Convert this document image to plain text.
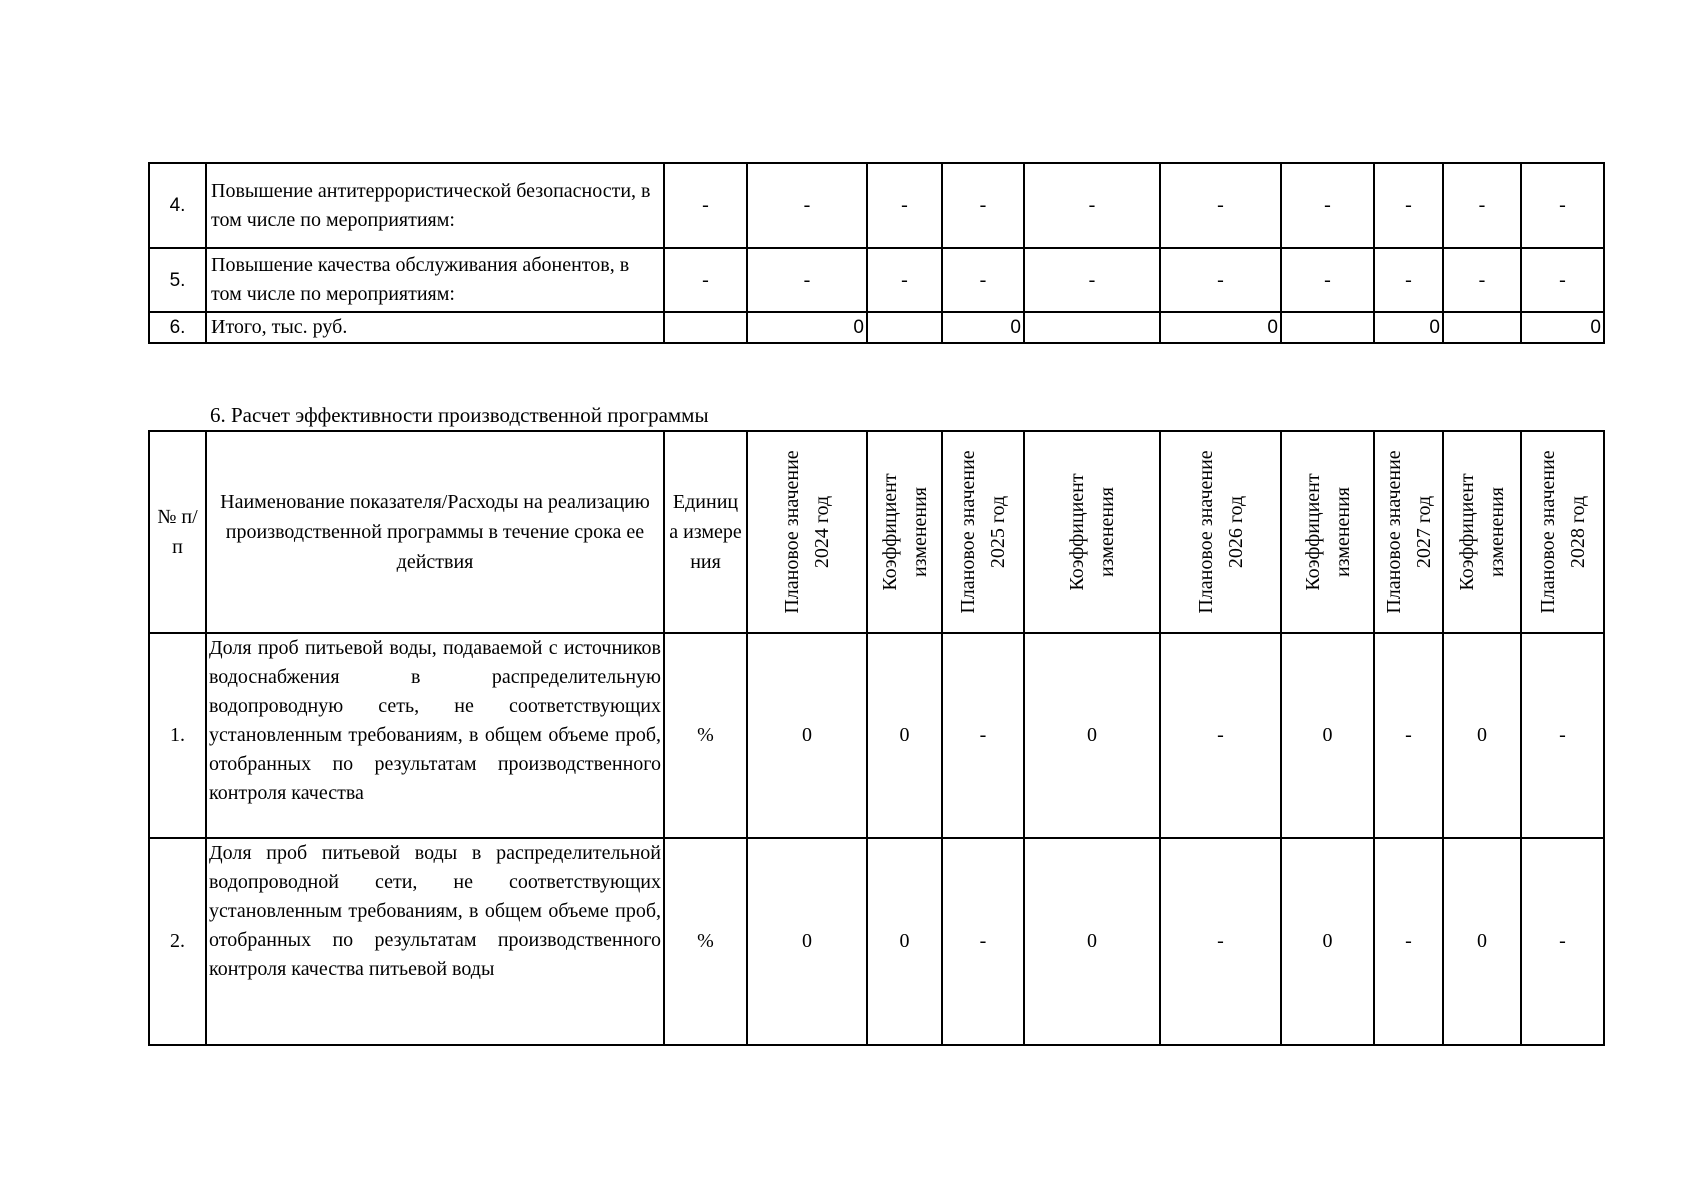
4.	Повышение антитеррористической безопасности, в том числе по мероприятиям:	-	-	-	-	-	-	-	-	-	-
5.	Повышение качества обслуживания абонентов, в том числе по мероприятиям:	-	-	-	-	-	-	-	-	-	-
6.	Итого, тыс. руб.		0		0		0		0		0
6. Расчет эффективности производственной программы
№ п/п	Наименование показателя/Расходы на реализацию производственной программы в течение срока ее действия	Единица измерения	Плановое значение 2024 год	Коэффициент изменения	Плановое значение 2025 год	Коэффициент изменения	Плановое значение 2026 год	Коэффициент изменения	Плановое значение 2027 год	Коэффициент изменения	Плановое значение 2028 год

1.	Доля проб питьевой воды, подаваемой с источников водоснабжения в распределительную водопроводную сеть, не соответствующих установленным требованиям, в общем объеме проб, отобранных по результатам производственного контроля качества	%	0	0	-	0	-	0	-	0	-
2.	Доля проб питьевой воды в распределительной водопроводной сети, не соответствующих установленным требованиям, в общем объеме проб, отобранных по результатам производственного контроля качества питьевой воды	%	0	0	-	0	-	0	-	0	-
